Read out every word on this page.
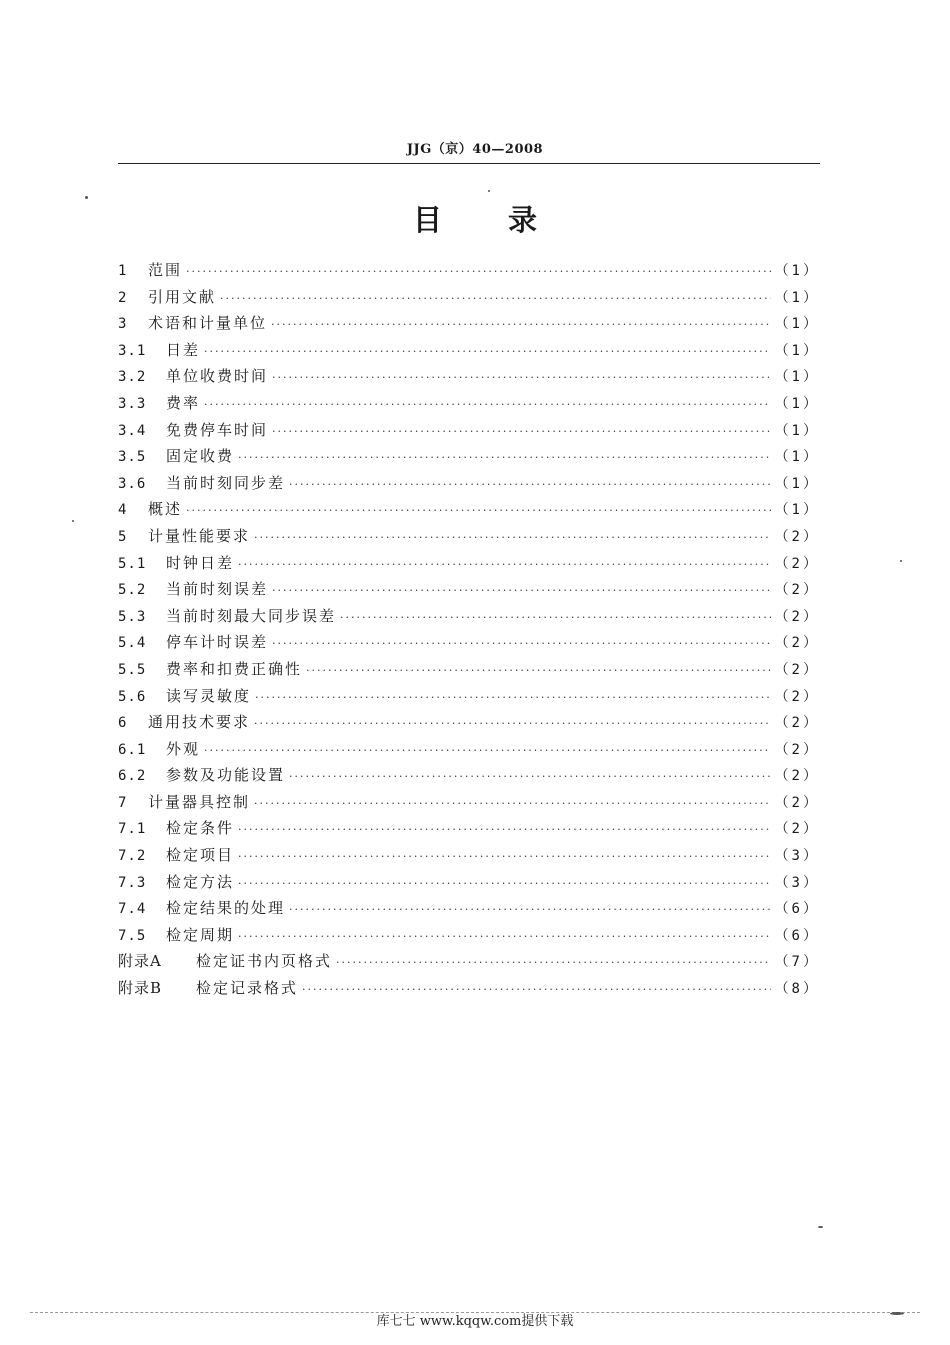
JJG（京）40—2008
目录
1	范围 ·····	（1）
2	引用文献 ·····	（1）
3	术语和计量单位 ·····	（1）
3.1	日差 ·····	（1）
3.2	单位收费时间 ·····	（1）
3.3	费率 ·····	（1）
3.4	免费停车时间 ·····	（1）
3.5	固定收费 ·····	（1）
3.6	当前时刻同步差 ·····	（1）
4	概述 ·····	（1）
5	计量性能要求 ·····	（2）
5.1	时钟日差 ·····	（2）
5.2	当前时刻误差 ·····	（2）
5.3	当前时刻最大同步误差 ·····	（2）
5.4	停车计时误差 ·····	（2）
5.5	费率和扣费正确性 ·····	（2）
5.6	读写灵敏度 ·····	（2）
6	通用技术要求 ·····	（2）
6.1	外观 ·····	（2）
6.2	参数及功能设置 ·····	（2）
7	计量器具控制 ·····	（2）
7.1	检定条件 ·····	（2）
7.2	检定项目 ·····	（3）
7.3	检定方法 ·····	（3）
7.4	检定结果的处理 ·····	（6）
7.5	检定周期 ·····	（6）
附录A	检定证书内页格式 ·····	（7）
附录B	检定记录格式 ·····	（8）
库七七 www.kqqw.com提供下载
